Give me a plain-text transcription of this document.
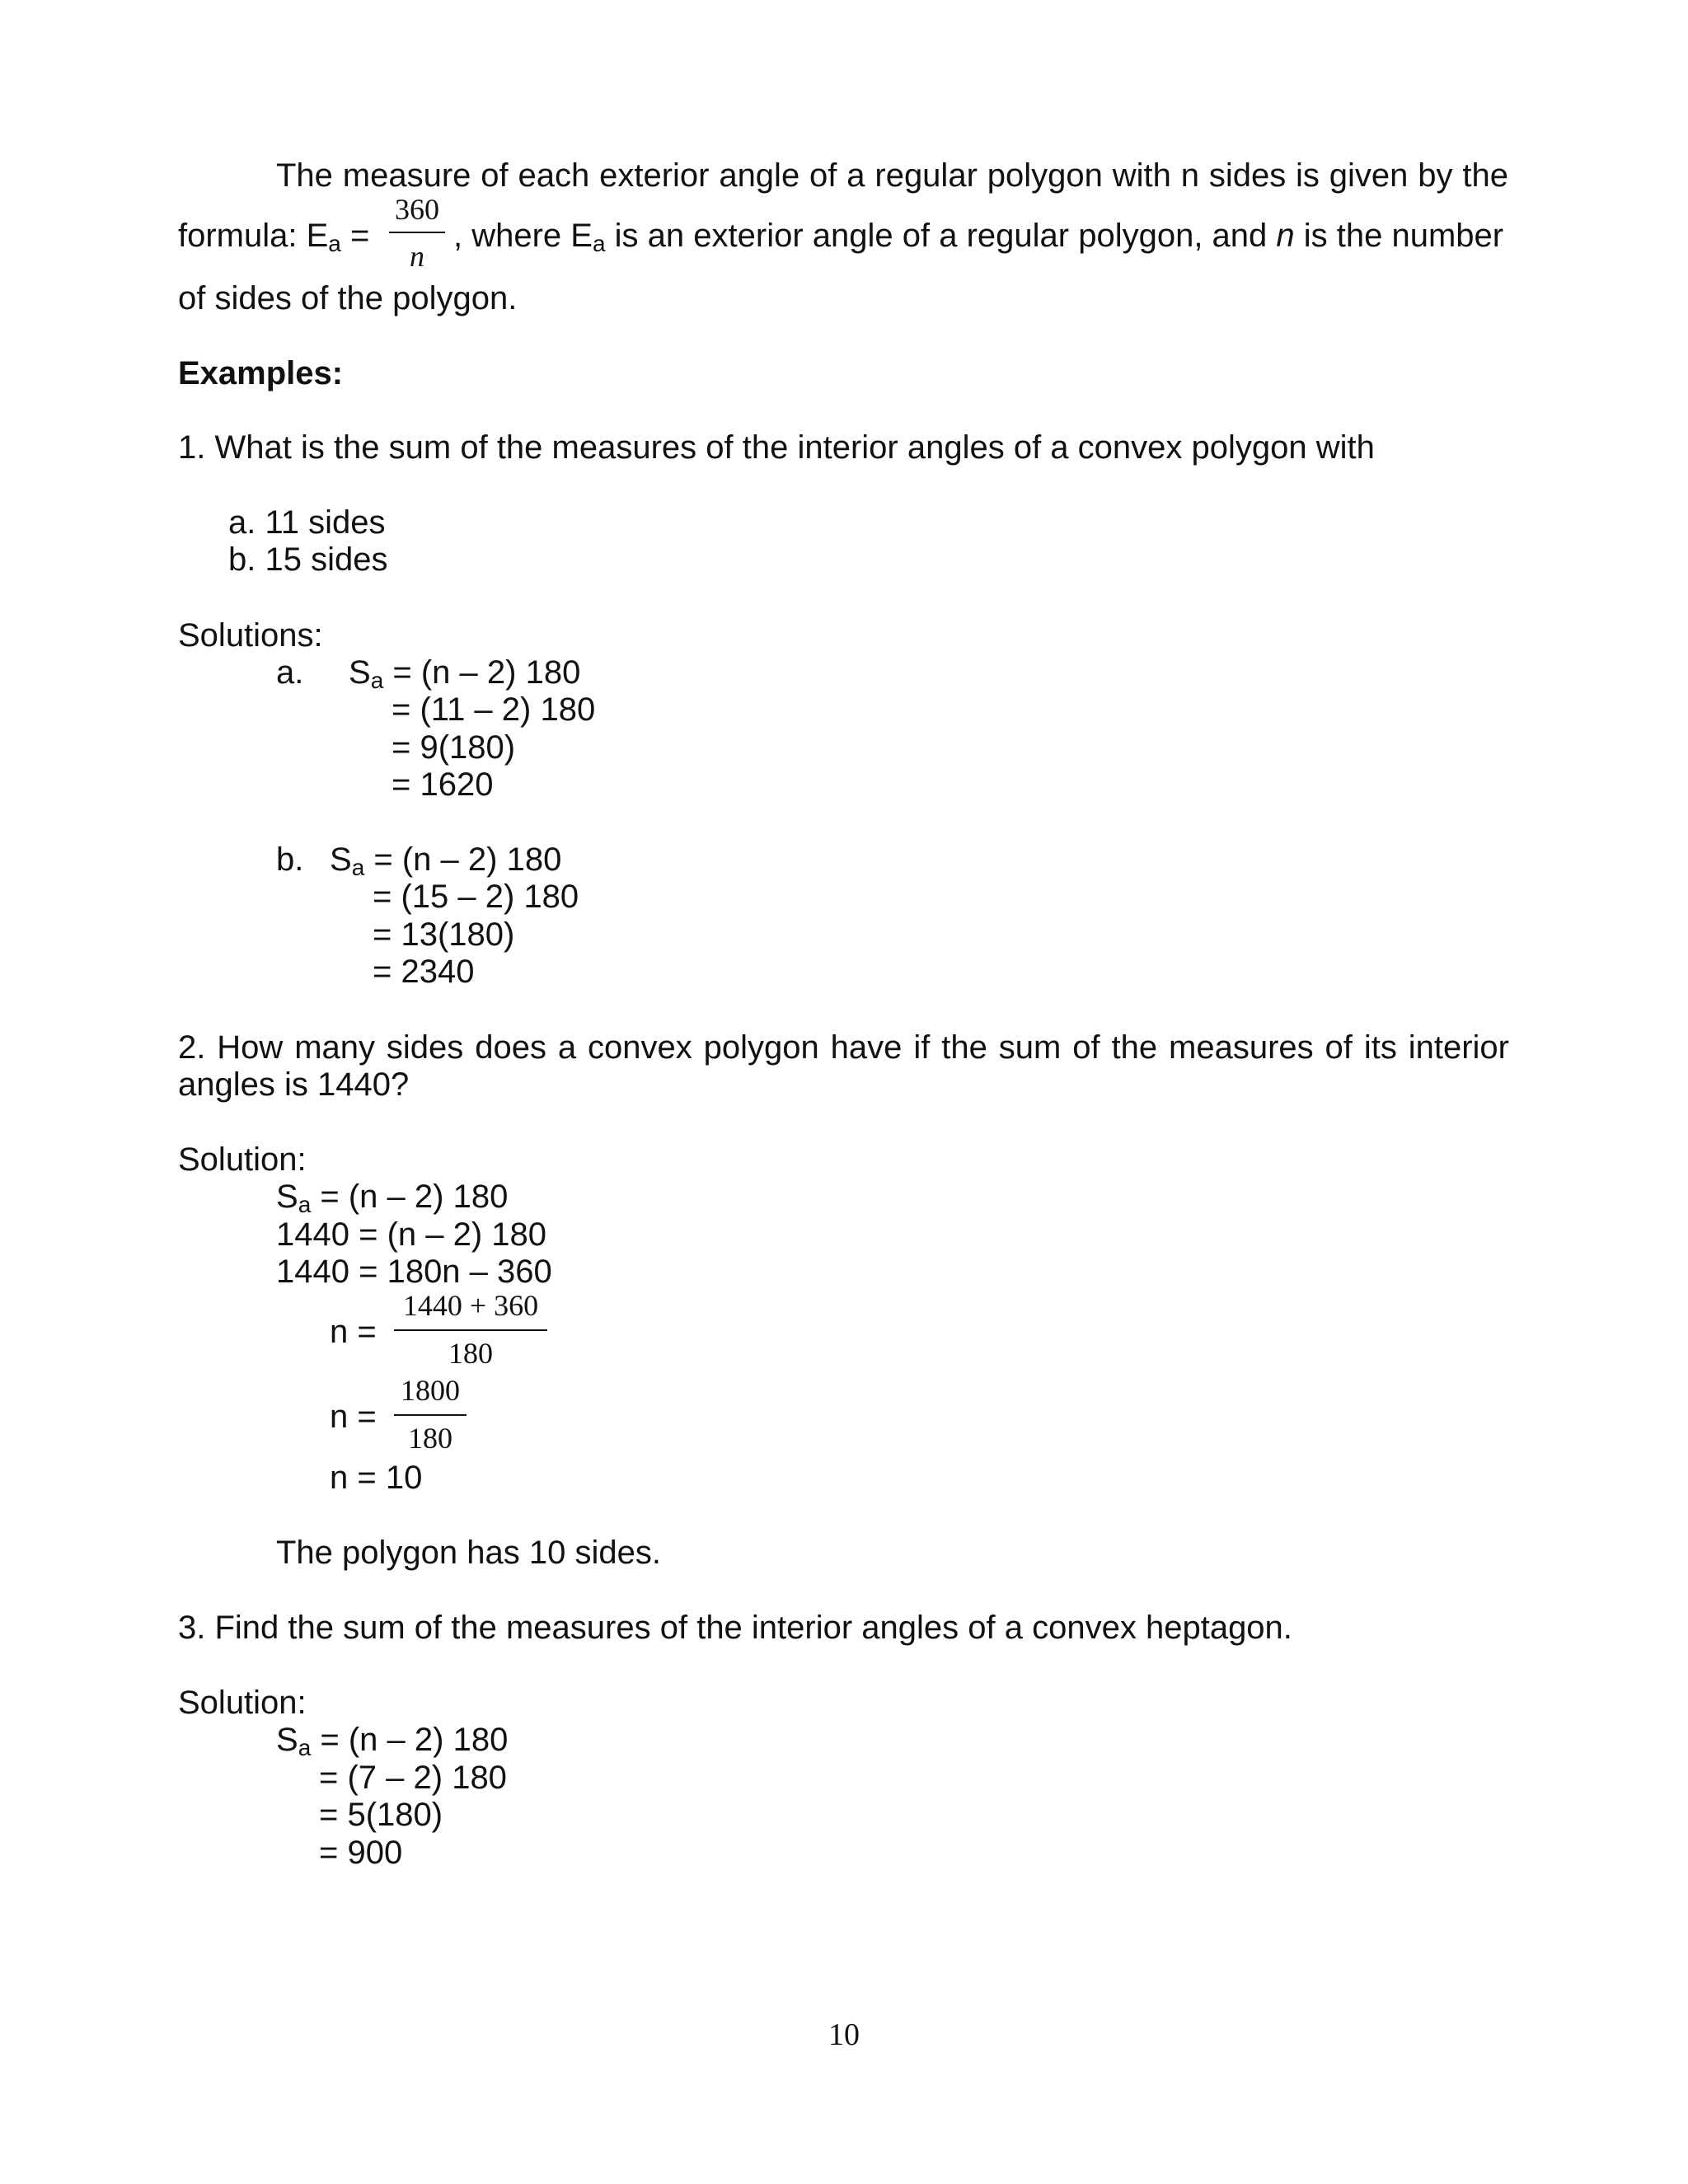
The measure of each exterior angle of a regular polygon with n sides is given by the
formula: $E_a$ =
360
n
, where $E_a$ is an exterior angle of a regular polygon, and n is the number
of sides of the polygon.
Examples:
1. What is the sum of the measures of the interior angles of a convex polygon with
a. 11 sides
b. 15 sides
Solutions:
a. $S_a = (n - 2)$ 180
= (11 – 2) 180
= 9(180)
= 1620
b. $S_a = (n - 2)$ 180
= (15 – 2) 180
= 13(180)
= 2340
2. How many sides does a convex polygon have if the sum of the measures of its interior
angles is 1440?
Solution:
$S_a = (n - 2)$ 180
1440 = (n – 2) 180
1440 = 180n – 360
n =
1440 + 360
180
n =
1800
180
n = 10
The polygon has 10 sides.
3. Find the sum of the measures of the interior angles of a convex heptagon.
Solution:
$S_a = (n - 2)$ 180
= (7 – 2) 180
= 5(180)
= 900
10
